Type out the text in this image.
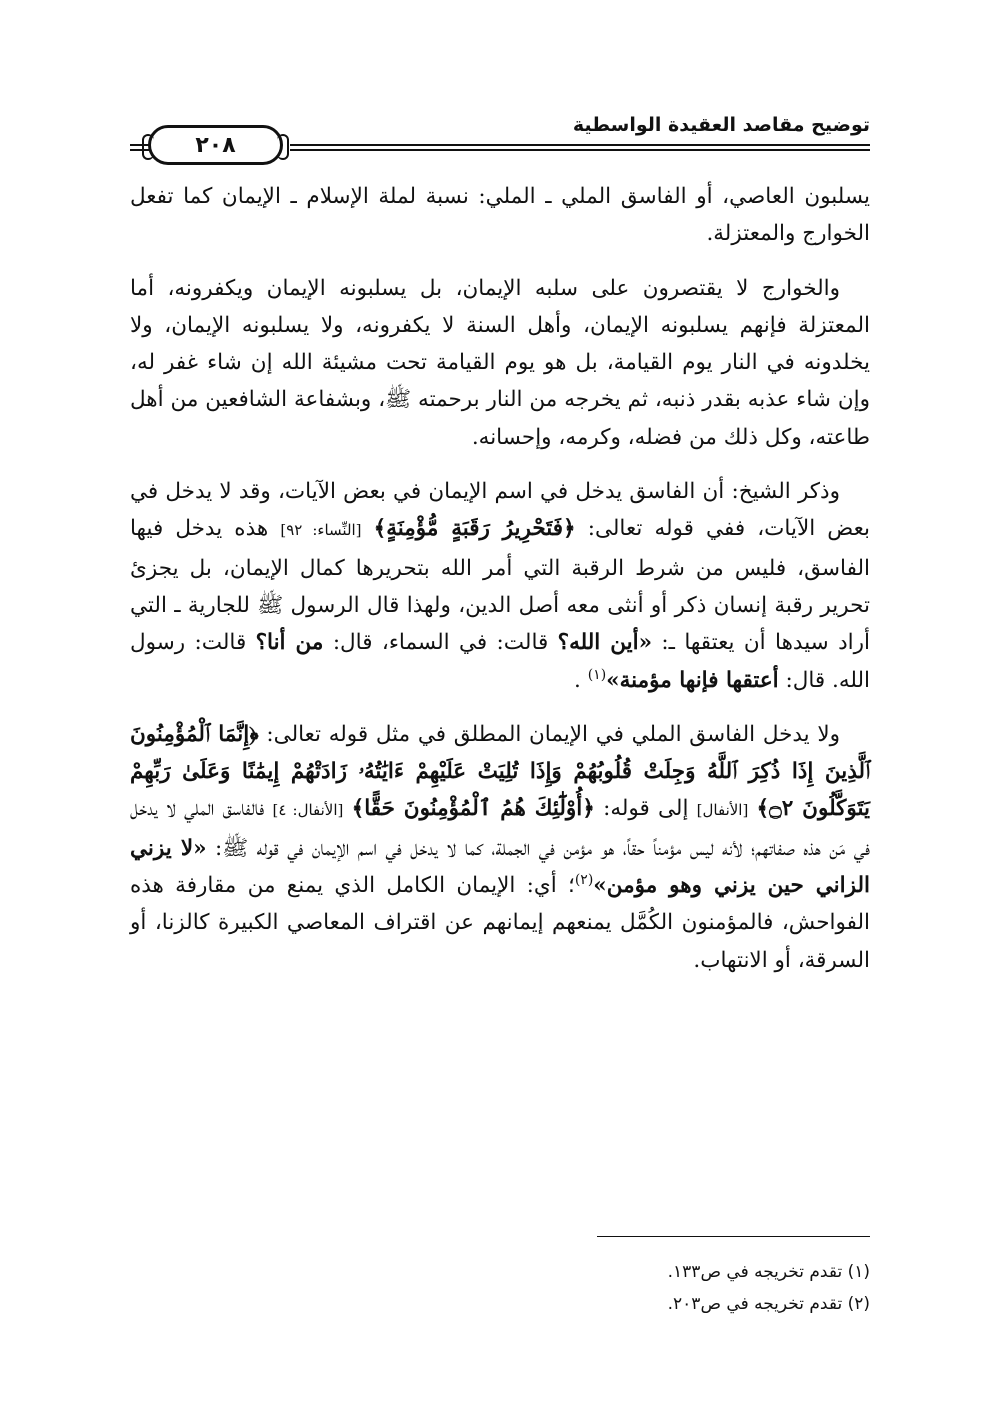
٢٠٨
توضيح مقاصد العقيدة الواسطية

يسلبون العاصي، أو الفاسق الملي ـ الملي: نسبة لملة الإسلام ـ الإيمان كما تفعل الخوارج والمعتزلة.

والخوارج لا يقتصرون على سلبه الإيمان، بل يسلبونه الإيمان ويكفرونه، أما المعتزلة فإنهم يسلبونه الإيمان، وأهل السنة لا يكفرونه، ولا يسلبونه الإيمان، ولا يخلدونه في النار يوم القيامة، بل هو يوم القيامة تحت مشيئة الله إن شاء غفر له، وإن شاء عذبه بقدر ذنبه، ثم يخرجه من النار برحمته ﷺ، وبشفاعة الشافعين من أهل طاعته، وكل ذلك من فضله، وكرمه، وإحسانه.

وذكر الشيخ: أن الفاسق يدخل في اسم الإيمان في بعض الآيات، وقد لا يدخل في بعض الآيات، ففي قوله تعالى: ﴿فَتَحْرِيرُ رَقَبَةٍ مُّؤْمِنَةٍ﴾ [النِّساء: ٩٢] هذه يدخل فيها الفاسق، فليس من شرط الرقبة التي أمر الله بتحريرها كمال الإيمان، بل يجزئ تحرير رقبة إنسان ذكر أو أنثى معه أصل الدين، ولهذا قال الرسول ﷺ للجارية ـ التي أراد سيدها أن يعتقها ـ: «أين الله؟ قالت: في السماء، قال: من أنا؟ قالت: رسول الله. قال: أعتقها فإنها مؤمنة»$^{(١)}$ .

ولا يدخل الفاسق الملي في الإيمان المطلق في مثل قوله تعالى: ﴿إِنَّمَا ٱلْمُؤْمِنُونَ ٱلَّذِينَ إِذَا ذُكِرَ ٱللَّهُ وَجِلَتْ قُلُوبُهُمْ وَإِذَا تُلِيَتْ عَلَيْهِمْ ءَايَٰتُهُۥ زَادَتْهُمْ إِيمَٰنًا وَعَلَىٰ رَبِّهِمْ يَتَوَكَّلُونَ ۝٢﴾ [الأنفال] إلى قوله: ﴿أُوْلَٰٓئِكَ هُمُ ٱلْمُؤْمِنُونَ حَقًّا﴾ [الأنفال: ٤] فالفاسق الملي لا يدخل في مَن هذه صفاتهم؛ لأنه ليس مؤمناً حقاً، هو مؤمن في الجملة، كما لا يدخل في اسم الإيمان في قوله ﷺ: «لا يزني الزاني حين يزني وهو مؤمن»$^{(٢)}$؛ أي: الإيمان الكامل الذي يمنع من مقارفة هذه الفواحش، فالمؤمنون الكُمَّل يمنعهم إيمانهم عن اقتراف المعاصي الكبيرة كالزنا، أو السرقة، أو الانتهاب.

(١) تقدم تخريجه في ص١٣٣.
(٢) تقدم تخريجه في ص٢٠٣.
